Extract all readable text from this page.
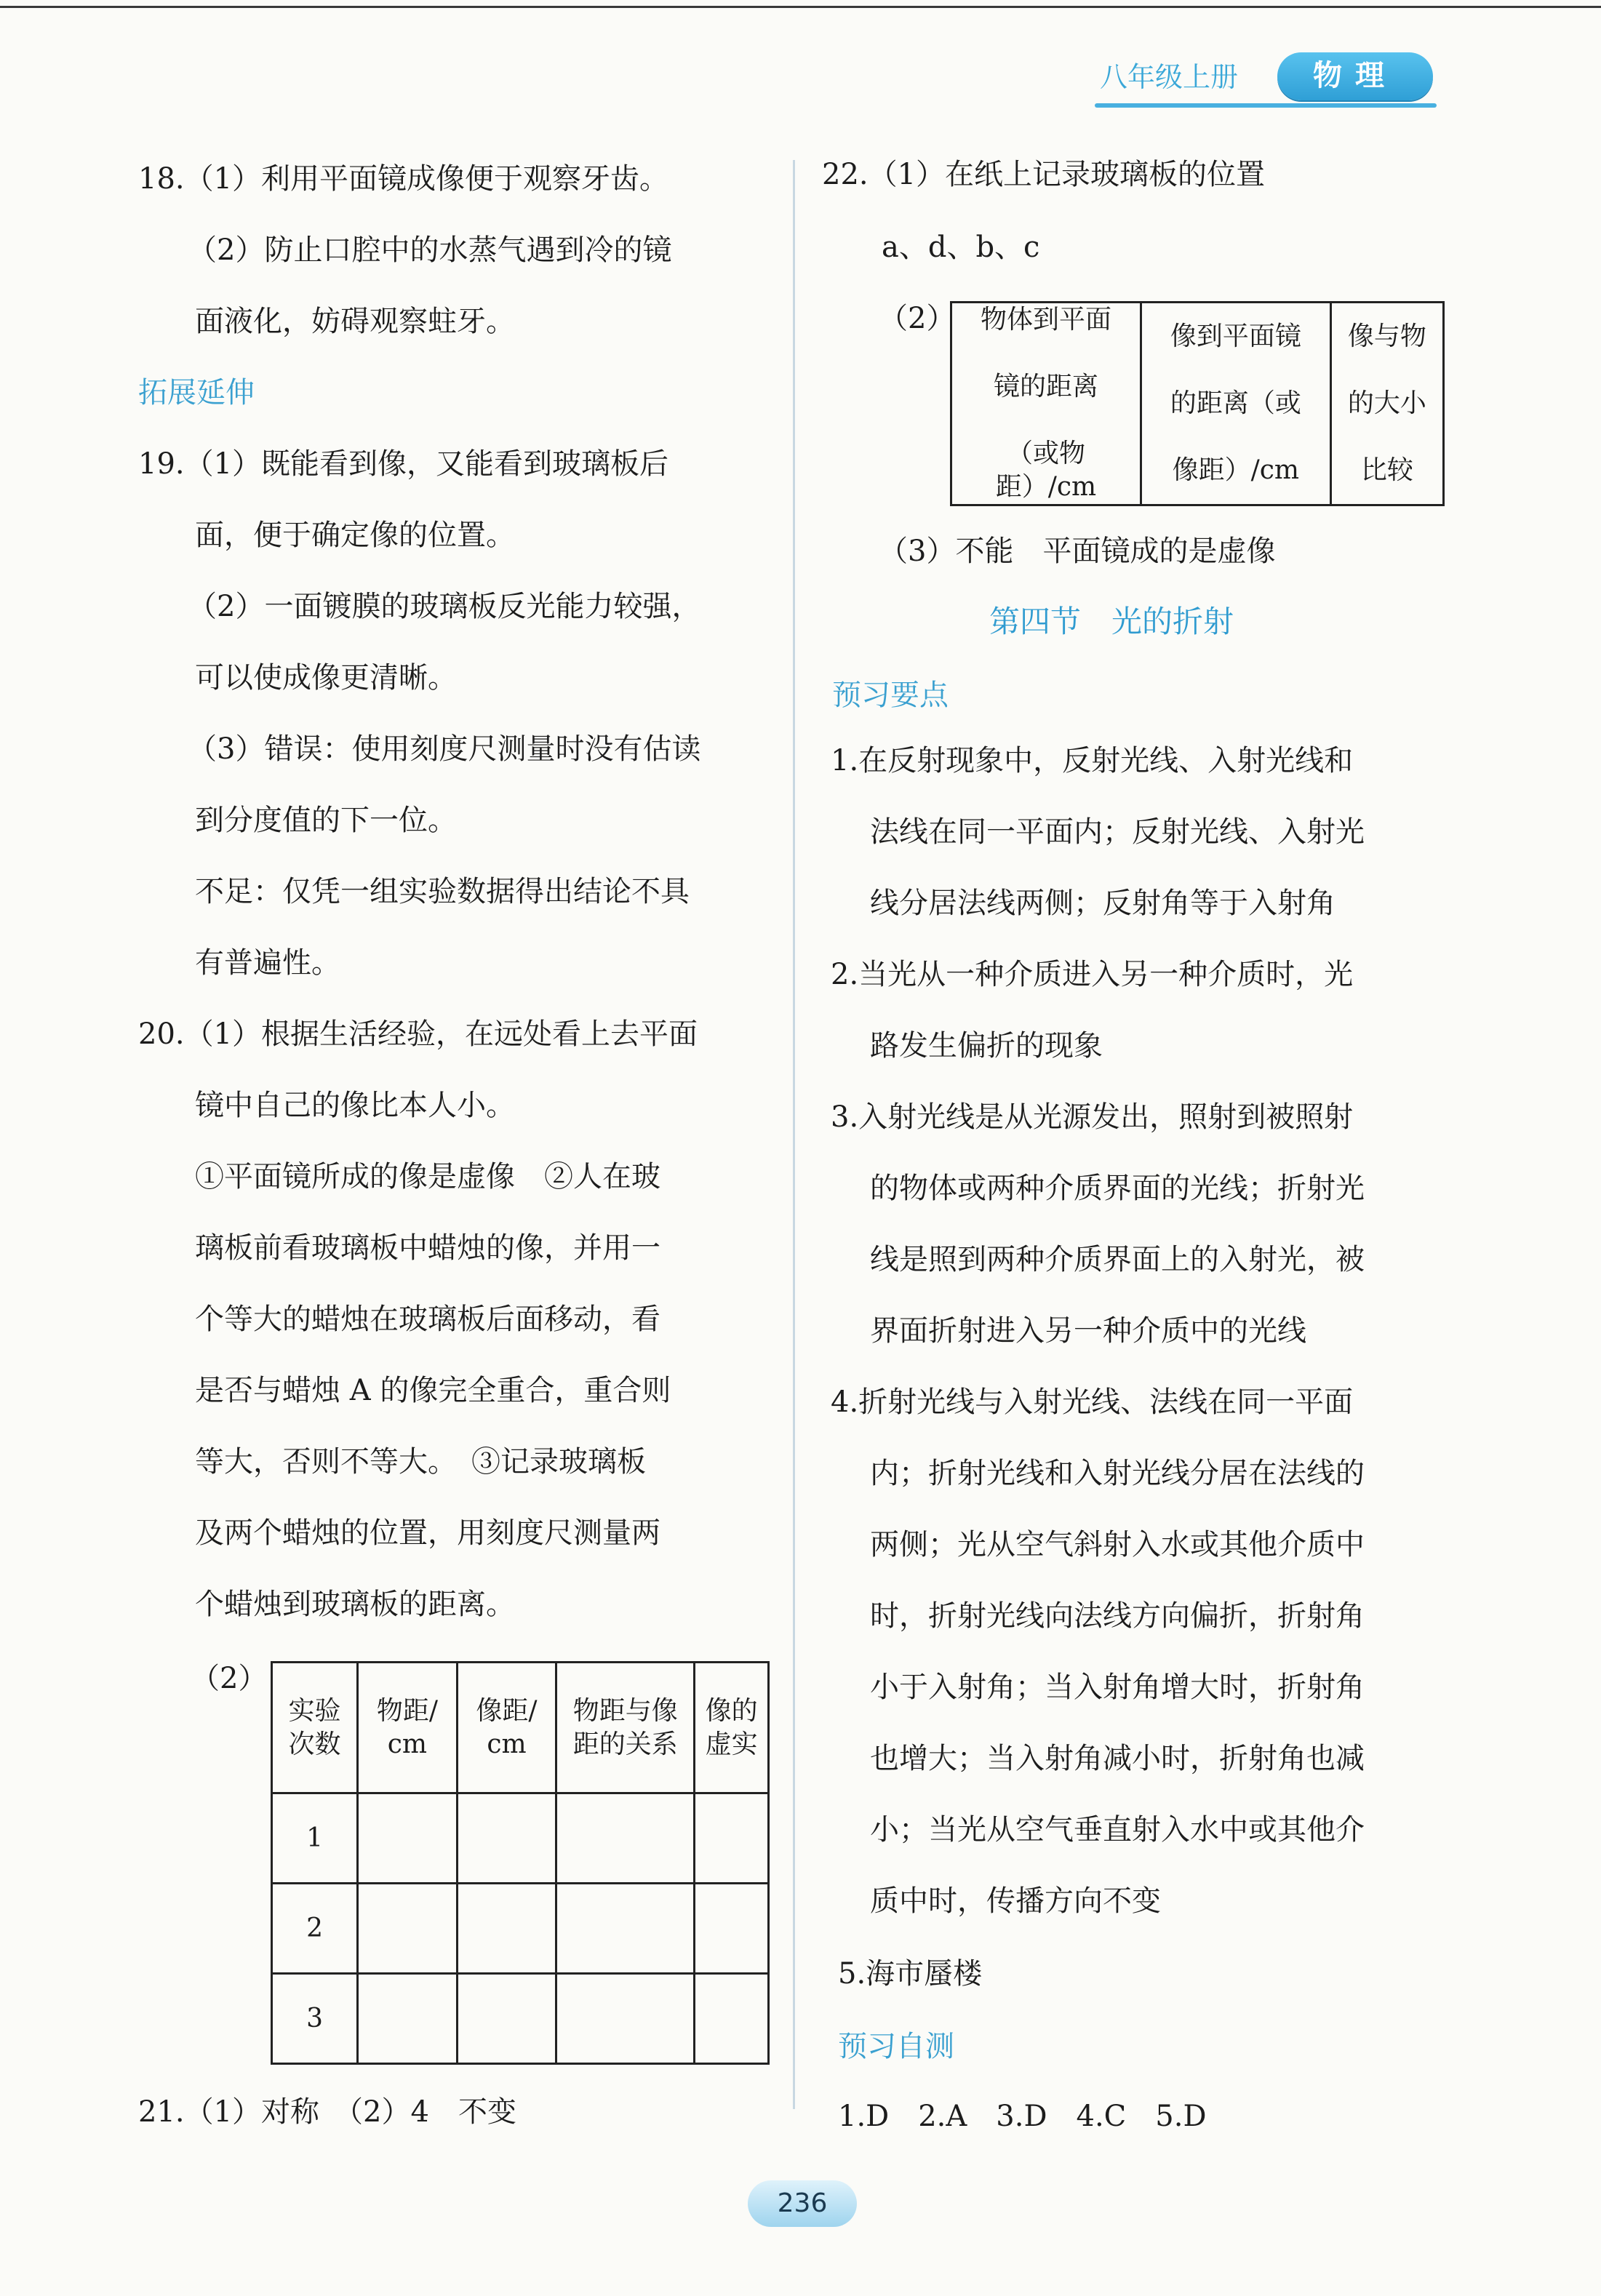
八年级上册	物理
18.（1）利用平面镜成像便于观察牙齿。
（2）防止口腔中的水蒸气遇到冷的镜
面液化，妨碍观察蛀牙。
拓展延伸
19.（1）既能看到像，又能看到玻璃板后
面，便于确定像的位置。
（2）一面镀膜的玻璃板反光能力较强，
可以使成像更清晰。
（3）错误：使用刻度尺测量时没有估读
到分度值的下一位。
不足：仅凭一组实验数据得出结论不具
有普遍性。
20.（1）根据生活经验，在远处看上去平面
镜中自己的像比本人小。
①平面镜所成的像是虚像　②人在玻
璃板前看玻璃板中蜡烛的像，并用一
个等大的蜡烛在玻璃板后面移动，看
是否与蜡烛 A 的像完全重合，重合则
等大，否则不等大。　③记录玻璃板
及两个蜡烛的位置，用刻度尺测量两
个蜡烛到玻璃板的距离。
（2）
实验
次数	物距/
cm	像距/
cm	物距与像
距的关系	像的
虚实
1				
2				
3				
21.（1）对称　（2）4　不变
22.（1）在纸上记录玻璃板的位置
a、d、b、c
（2） 物体到平面

镜的距离

（或物距）/cm	像到平面镜

的距离（或

像距）/cm	像与物

的大小

比较
（3）不能　平面镜成的是虚像
第四节　光的折射
预习要点
1.在反射现象中，反射光线、入射光线和
法线在同一平面内；反射光线、入射光
线分居法线两侧；反射角等于入射角
2.当光从一种介质进入另一种介质时，光
路发生偏折的现象
3.入射光线是从光源发出，照射到被照射
的物体或两种介质界面的光线；折射光
线是照到两种介质界面上的入射光，被
界面折射进入另一种介质中的光线
4.折射光线与入射光线、法线在同一平面
内；折射光线和入射光线分居在法线的
两侧；光从空气斜射入水或其他介质中
时，折射光线向法线方向偏折，折射角
小于入射角；当入射角增大时，折射角
也增大；当入射角减小时，折射角也减
小；当光从空气垂直射入水中或其他介
质中时，传播方向不变
5.海市蜃楼
预习自测
1.D　2.A　3.D　4.C　5.D
236
